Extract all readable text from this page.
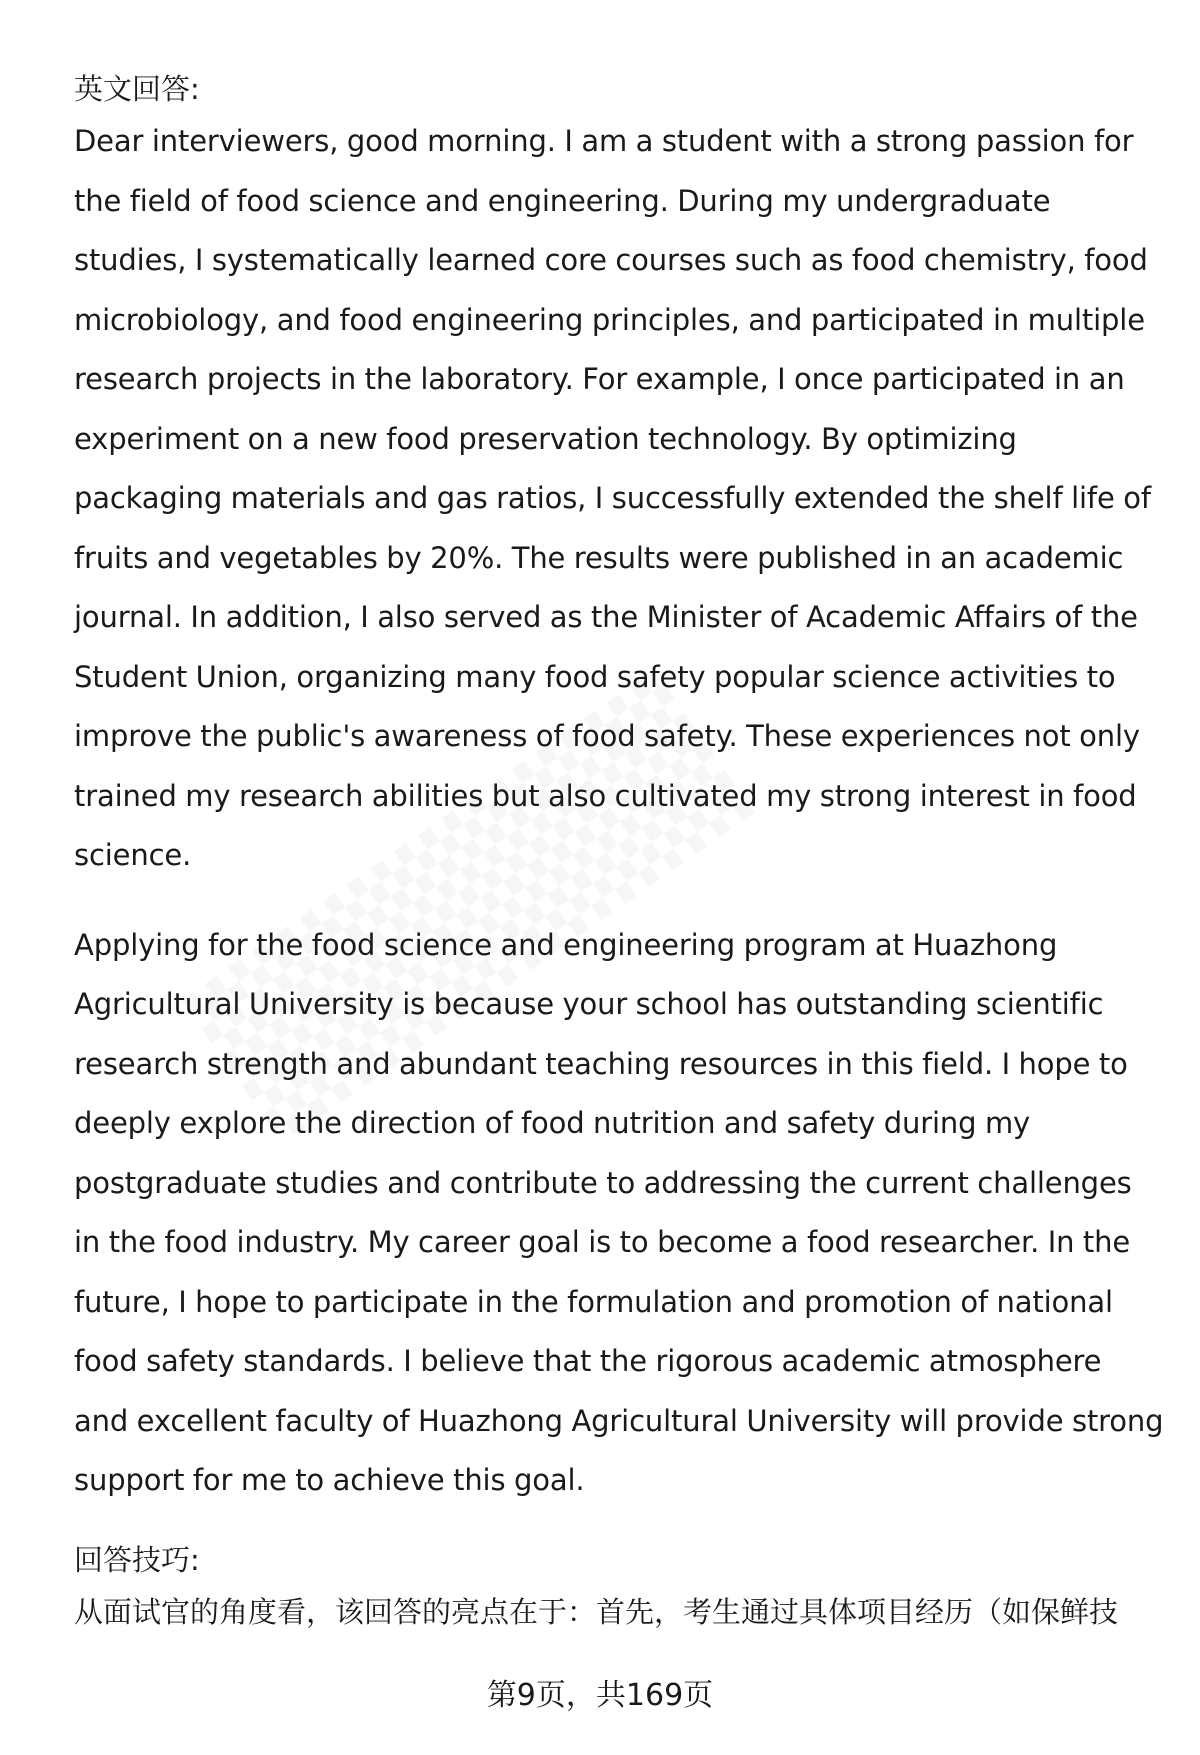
英文回答:

Dear interviewers, good morning. I am a student with a strong passion for the field of food science and engineering. During my undergraduate studies, I systematically learned core courses such as food chemistry, food microbiology, and food engineering principles, and participated in multiple research projects in the laboratory. For example, I once participated in an experiment on a new food preservation technology. By optimizing packaging materials and gas ratios, I successfully extended the shelf life of fruits and vegetables by 20%. The results were published in an academic journal. In addition, I also served as the Minister of Academic Affairs of the Student Union, organizing many food safety popular science activities to improve the public's awareness of food safety. These experiences not only trained my research abilities but also cultivated my strong interest in food science.

Applying for the food science and engineering program at Huazhong Agricultural University is because your school has outstanding scientific research strength and abundant teaching resources in this field. I hope to deeply explore the direction of food nutrition and safety during my postgraduate studies and contribute to addressing the current challenges in the food industry. My career goal is to become a food researcher. In the future, I hope to participate in the formulation and promotion of national food safety standards. I believe that the rigorous academic atmosphere and excellent faculty of Huazhong Agricultural University will provide strong support for me to achieve this goal.

回答技巧:

从面试官的角度看，该回答的亮点在于：首先，考生通过具体项目经历（如保鲜技

第9页，共169页
